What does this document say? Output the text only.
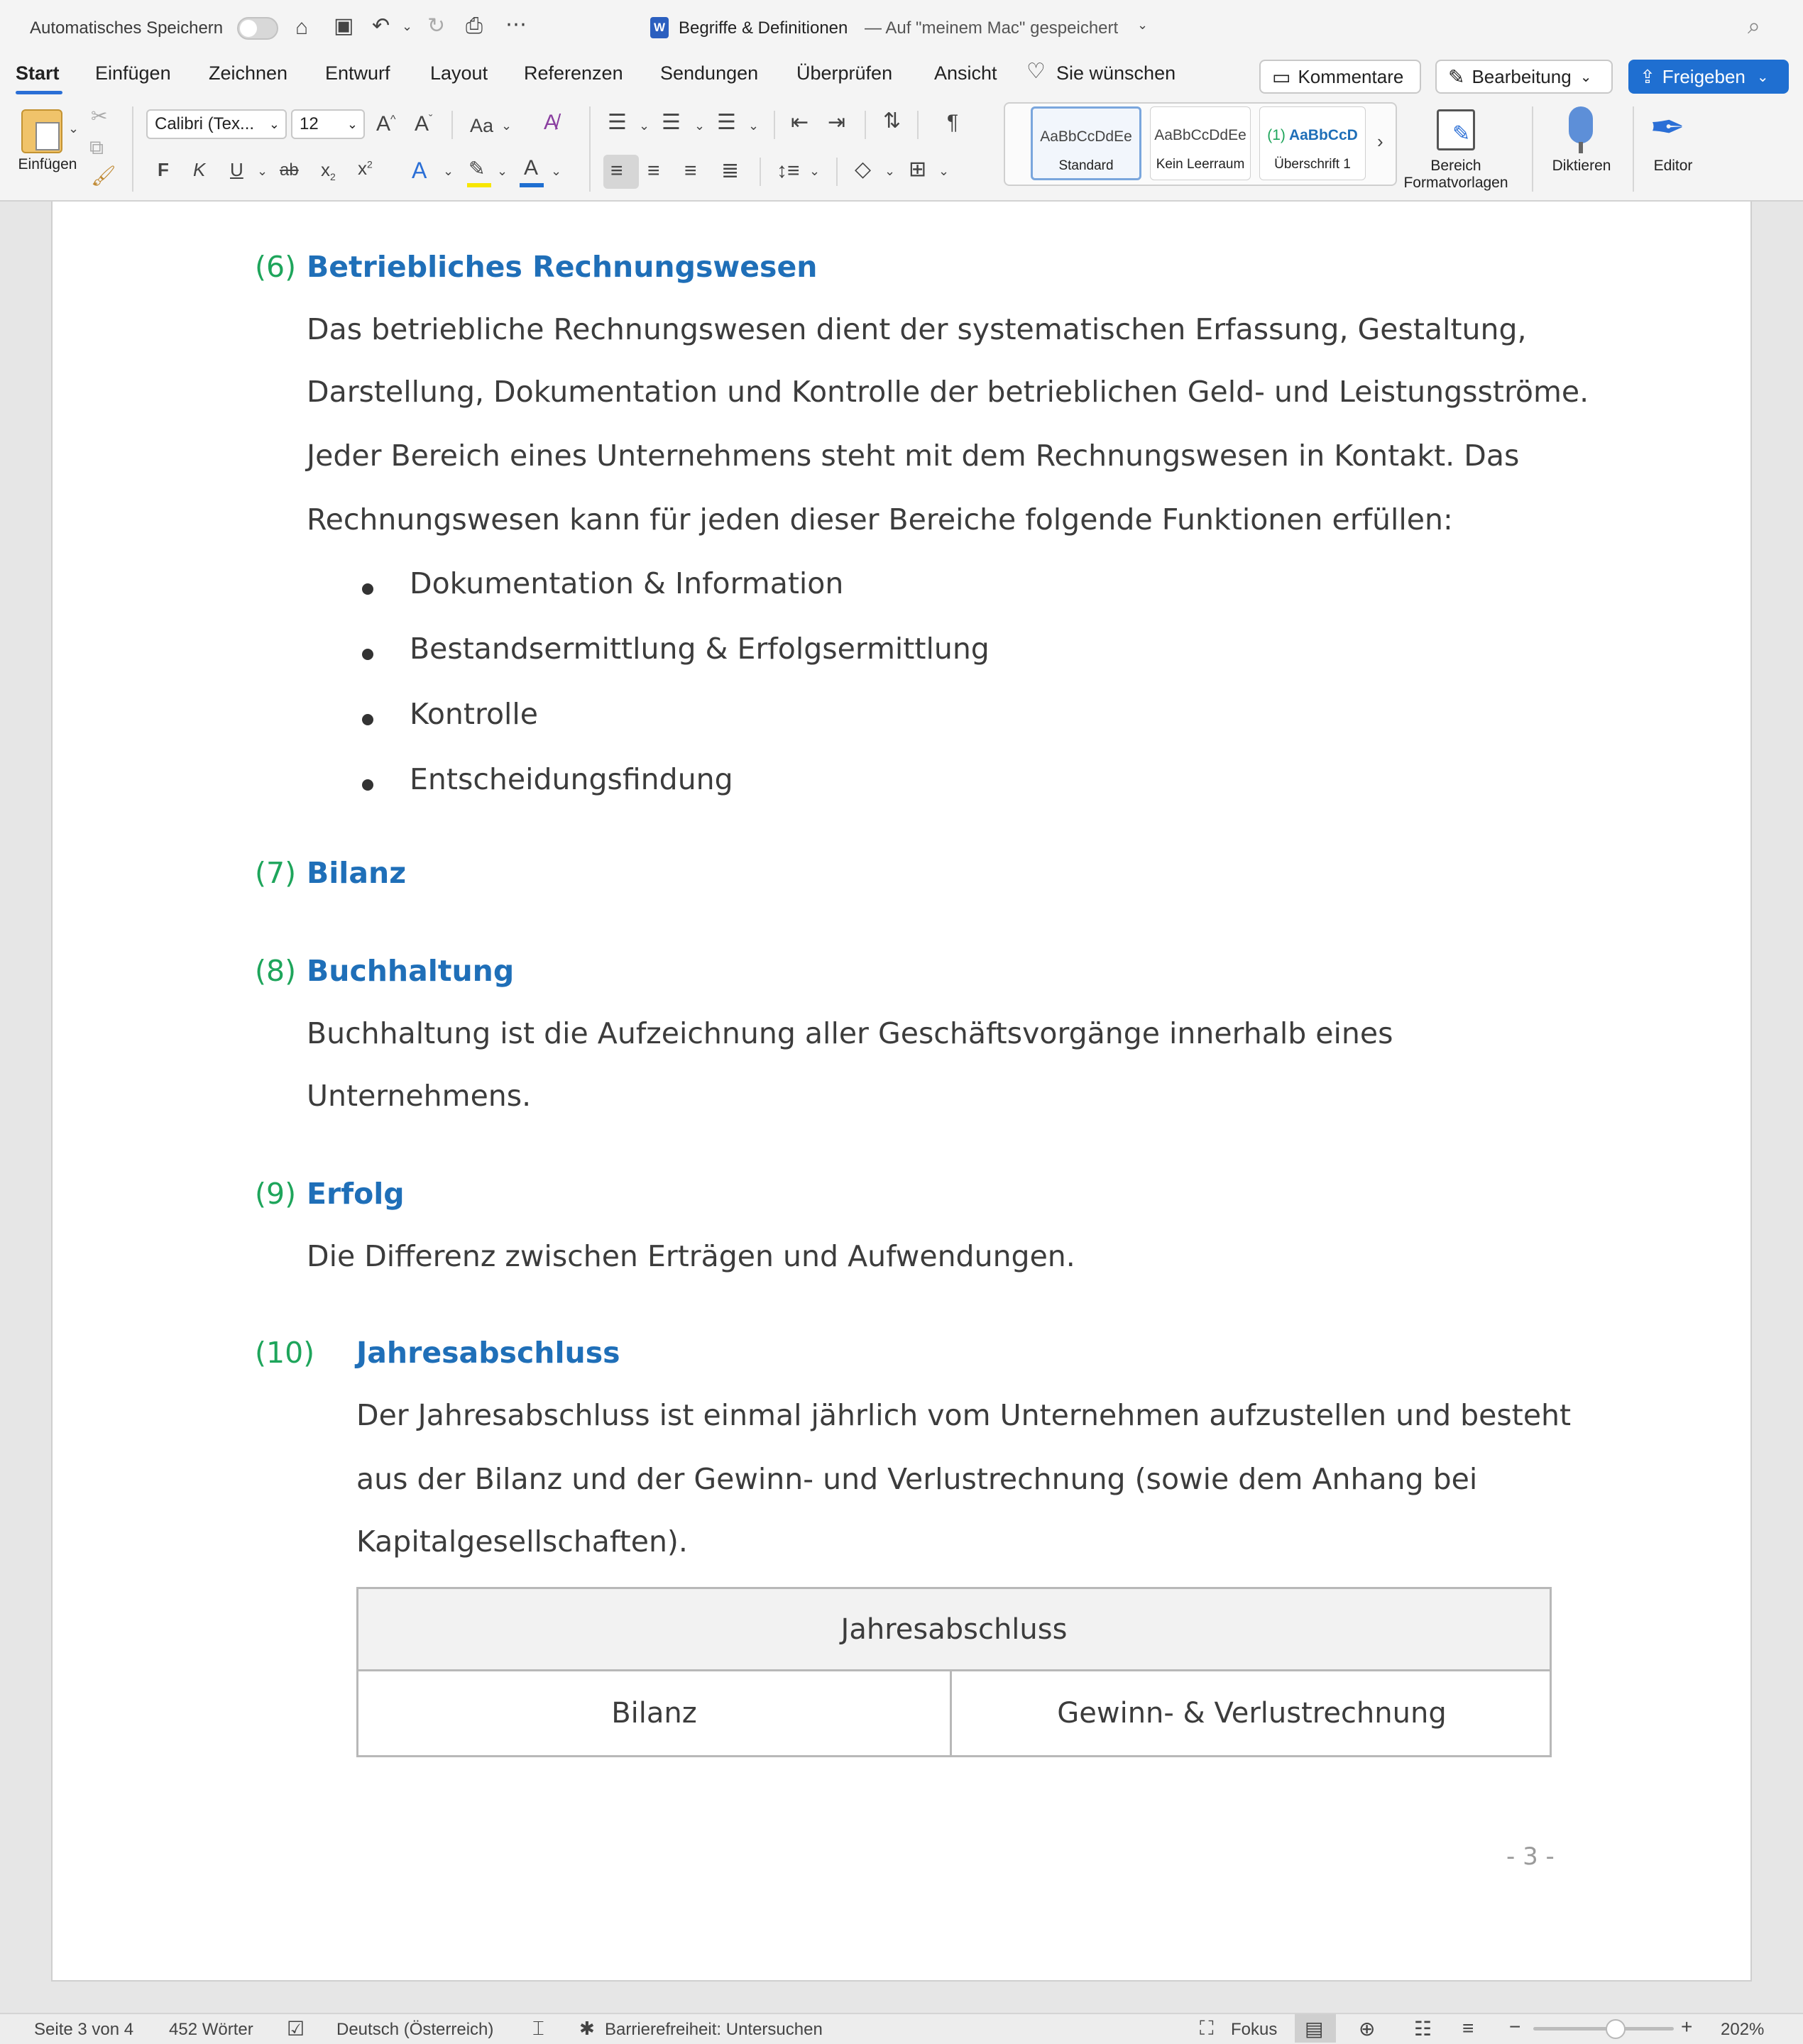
Automatisches Speichern	⌂ ▣ ↶ ⌄ ↻ ⎙ ⋯	W Begriffe & Definitionen — Auf "meinem Mac" gespeichert ⌄	⌕
Start Einfügen Zeichnen Entwurf Layout Referenzen Sendungen Überprüfen Ansicht ♡ Sie wünschen	▭ Kommentare ✎ Bearbeitung ⌄	⇪ Freigeben ⌄
⌄
Einfügen
✂
⧉
🖌
Calibri (Tex... ⌄ 12 ⌄ A^ $A^ˇ$ Aa ⌄ A̸
F K U ⌄ ab $x_2$ $x^2$ A ⌄ ✎ ⌄ A ⌄
☰ ⌄ ☰ ⌄ ☰ ⌄ ⇤ ⇥ ⇅ ¶
≡ ≡ ≡ ≣ ↕≡ ⌄ ◇ ⌄ ⊞ ⌄
AaBbCcDdEe
Standard
AaBbCcDdEe
Kein Leerraum
(1) AaBbCcD
Überschrift 1
›	✎
Bereich
Formatvorlagen
Diktieren
✒
Editor
(6) Betriebliches Rechnungswesen
Das betriebliche Rechnungswesen dient der systematischen Erfassung, Gestaltung,
Darstellung, Dokumentation und Kontrolle der betrieblichen Geld- und Leistungsströme.
Jeder Bereich eines Unternehmens steht mit dem Rechnungswesen in Kontakt. Das
Rechnungswesen kann für jeden dieser Bereiche folgende Funktionen erfüllen:
Dokumentation & Information
Bestandsermittlung & Erfolgsermittlung
Kontrolle
Entscheidungsfindung
(7) Bilanz
(8) Buchhaltung
Buchhaltung ist die Aufzeichnung aller Geschäftsvorgänge innerhalb eines
Unternehmens.
(9) Erfolg
Die Differenz zwischen Erträgen und Aufwendungen.
(10) Jahresabschluss
Der Jahresabschluss ist einmal jährlich vom Unternehmen aufzustellen und besteht
aus der Bilanz und der Gewinn- und Verlustrechnung (sowie dem Anhang bei
Kapitalgesellschaften).
Jahresabschluss
Bilanz	Gewinn- & Verlustrechnung
- 3 -
Seite 3 von 4 452 Wörter ☑ Deutsch (Österreich) ⌶ ✱ Barrierefreiheit: Untersuchen	⛶ Fokus ▤ ⊕ ☷ ≡ −	+ 202%
